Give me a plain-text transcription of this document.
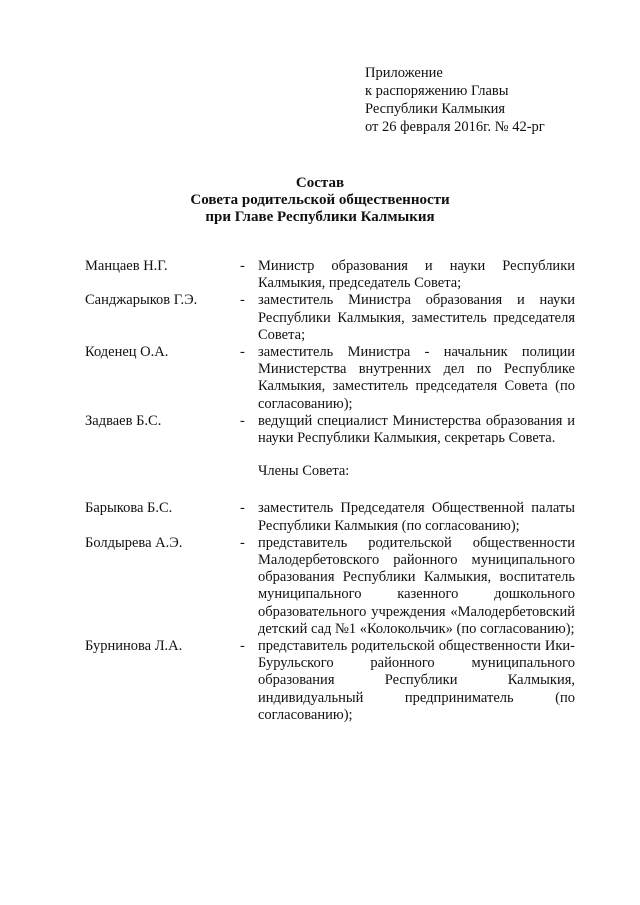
Приложение
к распоряжению Главы
Республики Калмыкия
от 26 февраля 2016г. № 42-рг
Состав
Совета родительской общественности
при Главе Республики Калмыкия
Манцаев Н.Г.	- Министр образования и науки Республики Калмыкия, председатель Совета;
Санджарыков Г.Э.	- заместитель Министра образования и науки Республики Калмыкия, заместитель председателя Совета;
Коденец О.А.	- заместитель Министра - начальник полиции Министерства внутренних дел по Республике Калмыкия, заместитель председателя Совета (по согласованию);
Задваев Б.С.	- ведущий специалист Министерства образования и науки Республики Калмыкия, секретарь Совета.
Члены Совета:
Барыкова Б.С.	- заместитель Председателя Общественной палаты Республики Калмыкия (по согласованию);
Болдырева А.Э.	- представитель родительской общественности Малодербетовского районного муниципального образования Республики Калмыкия, воспитатель муниципального казенного дошкольного образовательного учреждения «Малодербетовский детский сад №1 «Колокольчик» (по согласованию);
Бурнинова Л.А.	- представитель родительской общественности Ики-Бурульского районного муниципального образования Республики Калмыкия, индивидуальный предприниматель (по согласованию);
